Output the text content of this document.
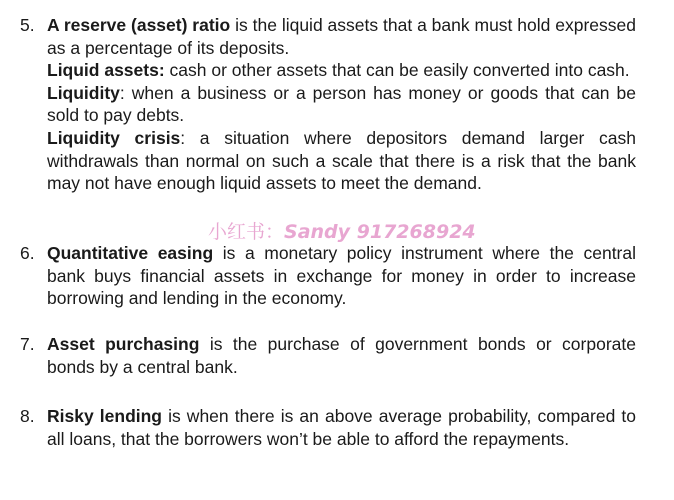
5. A reserve (asset) ratio is the liquid assets that a bank must hold expressed as a percentage of its deposits.

Liquid assets: cash or other assets that can be easily converted into cash.

Liquidity: when a business or a person has money or goods that can be sold to pay debts.

Liquidity crisis: a situation where depositors demand larger cash withdrawals than normal on such a scale that there is a risk that the bank may not have enough liquid assets to meet the demand.

6. Quantitative easing is a monetary policy instrument where the central bank buys financial assets in exchange for money in order to increase borrowing and lending in the economy.

7. Asset purchasing is the purchase of government bonds or corporate bonds by a central bank.

8. Risky lending is when there is an above average probability, compared to all loans, that the borrowers won’t be able to afford the repayments.

小红书：Sandy 917268924
